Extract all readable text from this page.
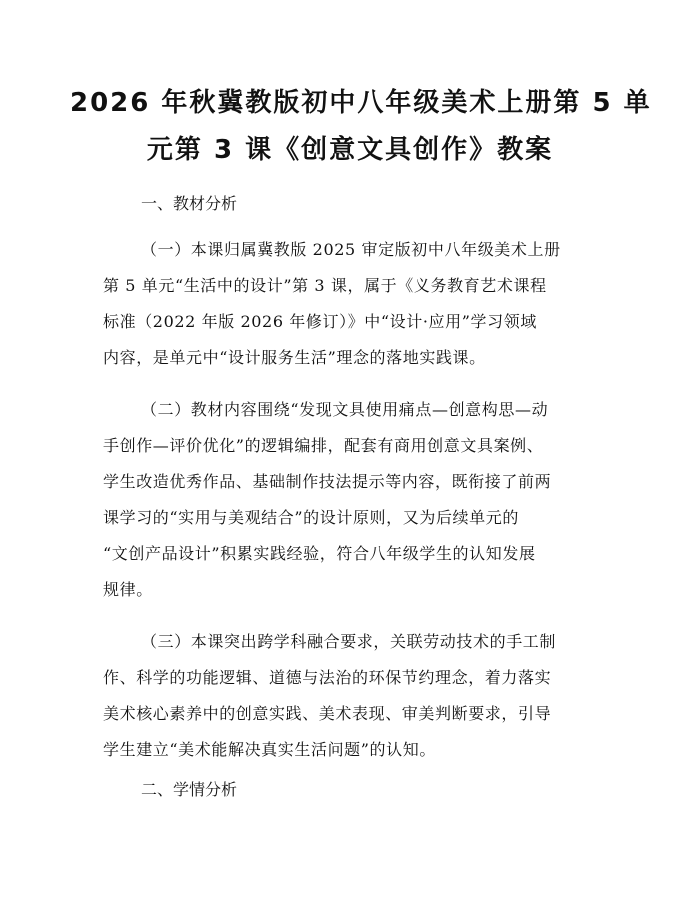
2026 年秋冀教版初中八年级美术上册第 5 单
元第 3 课《创意文具创作》教案
一、教材分析
（一）本课归属冀教版 2025 审定版初中八年级美术上册
第 5 单元“生活中的设计”第 3 课，属于《义务教育艺术课程
标准（2022 年版 2026 年修订）》中“设计·应用”学习领域
内容，是单元中“设计服务生活”理念的落地实践课。
（二）教材内容围绕“发现文具使用痛点—创意构思—动
手创作—评价优化”的逻辑编排，配套有商用创意文具案例、
学生改造优秀作品、基础制作技法提示等内容，既衔接了前两
课学习的“实用与美观结合”的设计原则，又为后续单元的
“文创产品设计”积累实践经验，符合八年级学生的认知发展
规律。
（三）本课突出跨学科融合要求，关联劳动技术的手工制
作、科学的功能逻辑、道德与法治的环保节约理念，着力落实
美术核心素养中的创意实践、美术表现、审美判断要求，引导
学生建立“美术能解决真实生活问题”的认知。
二、学情分析
